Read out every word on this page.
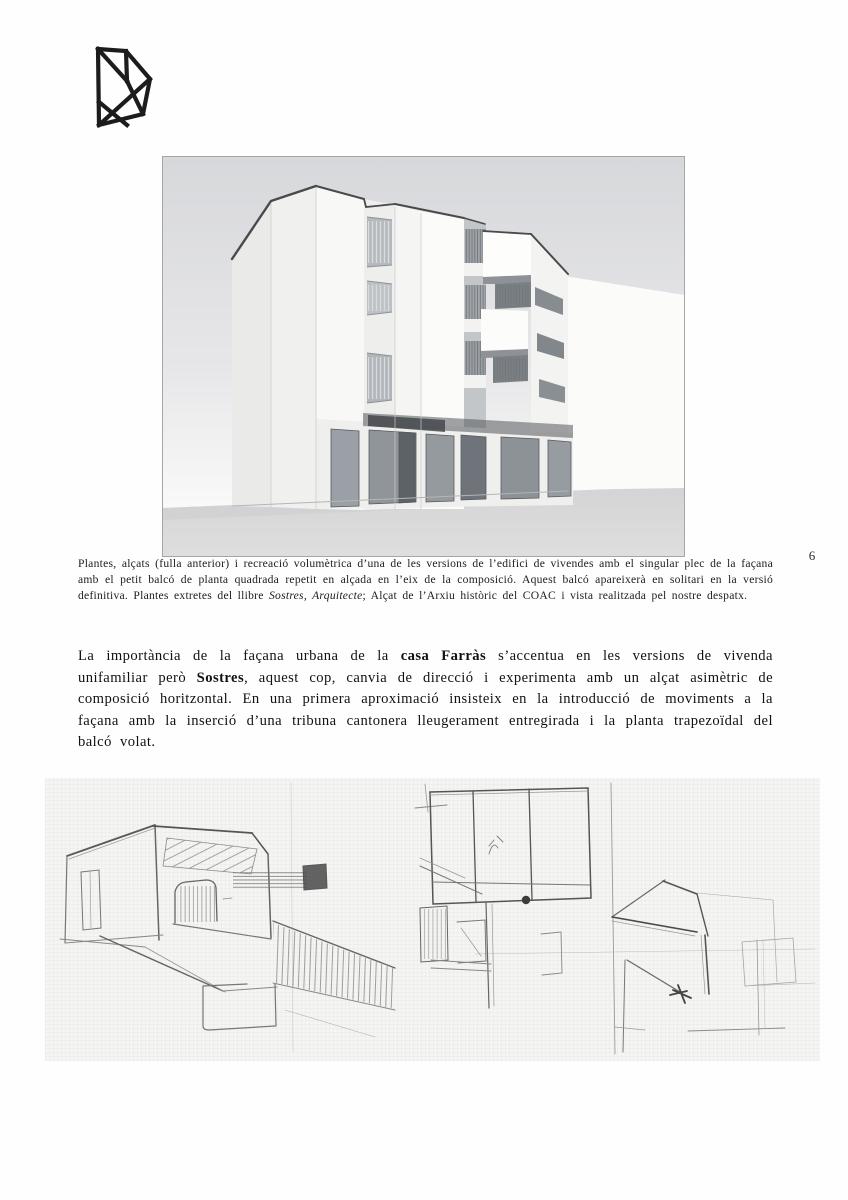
6

Plantes, alçats (fulla anterior) i recreació volumètrica d’una de les versions de l’edifici de vivendes amb el singular plec de la façana amb el petit balcó de planta quadrada repetit en alçada en l’eix de la composició. Aquest balcó apareixerà en solitari en la versió definitiva. Plantes extretes del llibre Sostres, Arquitecte; Alçat de l’Arxiu històric del COAC i vista realitzada pel nostre despatx.

La importància de la façana urbana de la casa Farràs s’accentua en les versions de vivenda unifamiliar però Sostres, aquest cop, canvia de direcció i experimenta amb un alçat asimètric de composició horitzontal. En una primera aproximació insisteix en la introducció de moviments a la façana amb la inserció d’una tribuna cantonera lleugerament entregirada i la planta trapezoïdal del balcó volat.
